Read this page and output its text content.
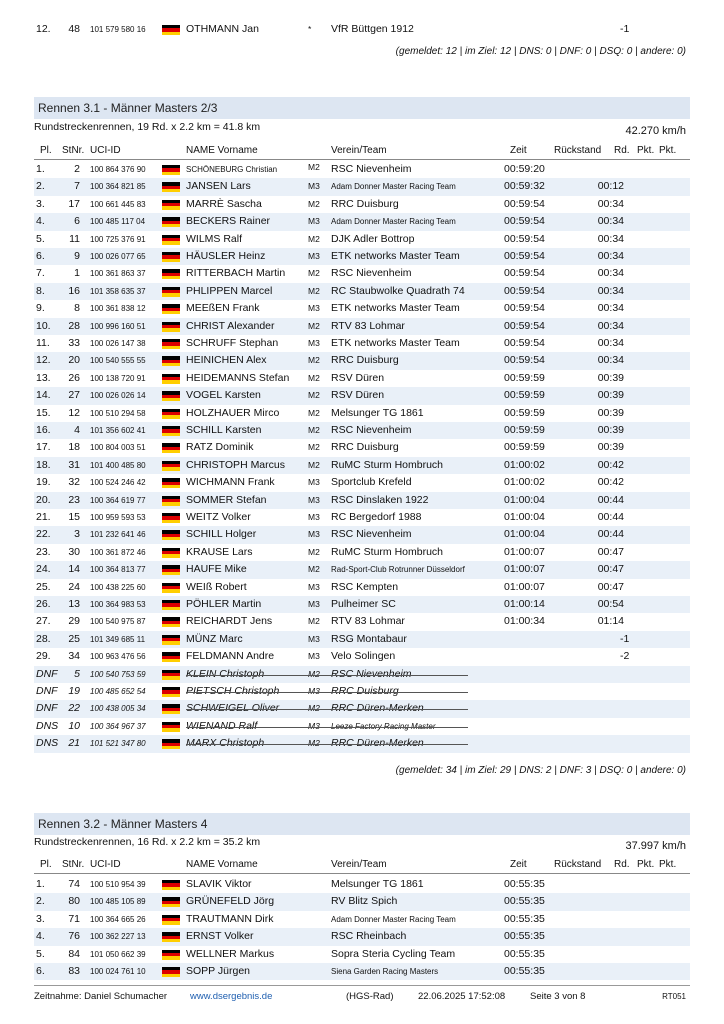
12.	48 101 579 580 16	OTHMANN Jan	* VfR Büttgen 1912	-1
(gemeldet: 12 | im Ziel: 12 | DNS: 0 | DNF: 0 | DSQ: 0 | andere: 0)
Rennen 3.1 - Männer Masters 2/3
Rundstreckenrennen, 19 Rd. x 2.2 km = 41.8 km	42.270 km/h
Pl. StNr. UCI-ID	NAME Vorname	Verein/Team	Zeit	Rückstand Rd. Pkt. Pkt.
1.	2 100 864 376 90	SCHÖNEBURG Christian	M2 RSC Nievenheim	00:59:20
2.	7 100 364 821 85	JANSEN Lars	M3 Adam Donner Master Racing Team	00:59:32	00:12
3.	17 100 661 445 83	MARRÈ Sascha	M2 RRC Duisburg	00:59:54	00:34
4.	6 100 485 117 04	BECKERS Rainer	M3 Adam Donner Master Racing Team	00:59:54	00:34
5.	11 100 725 376 91	WILMS Ralf	M2 DJK Adler Bottrop	00:59:54	00:34
6.	9 100 026 077 65	HÄUSLER Heinz	M3 ETK networks Master Team	00:59:54	00:34
7.	1 100 361 863 37	RITTERBACH Martin	M2 RSC Nievenheim	00:59:54	00:34
8.	16 101 358 635 37	PHLIPPEN Marcel	M2 RC Staubwolke Quadrath 74	00:59:54	00:34
9.	8 100 361 838 12	MEEßEN Frank	M3 ETK networks Master Team	00:59:54	00:34
10.	28 100 996 160 51	CHRIST Alexander	M2 RTV 83 Lohmar	00:59:54	00:34
11.	33 100 026 147 38	SCHRUFF Stephan	M3 ETK networks Master Team	00:59:54	00:34
12.	20 100 540 555 55	HEINICHEN Alex	M2 RRC Duisburg	00:59:54	00:34
13.	26 100 138 720 91	HEIDEMANNS Stefan M2 RSV Düren	00:59:59	00:39
14.	27 100 026 026 14	VOGEL Karsten	M2 RSV Düren	00:59:59	00:39
15.	12 100 510 294 58	HOLZHAUER Mirco	M2 Melsunger TG 1861	00:59:59	00:39
16.	4 101 356 602 41	SCHILL Karsten	M2 RSC Nievenheim	00:59:59	00:39
17.	18 100 804 003 51	RATZ Dominik	M2 RRC Duisburg	00:59:59	00:39
18.	31 101 400 485 80	CHRISTOPH Marcus	M2 RuMC Sturm Hombruch	01:00:02	00:42
19.	32 100 524 246 42	WICHMANN Frank	M3 Sportclub Krefeld	01:00:02	00:42
20.	23 100 364 619 77	SOMMER Stefan	M3 RSC Dinslaken 1922	01:00:04	00:44
21.	15 100 959 593 53	WEITZ Volker	M3 RC Bergedorf 1988	01:00:04	00:44
22.	3 101 232 641 46	SCHILL Holger	M3 RSC Nievenheim	01:00:04	00:44
23.	30 100 361 872 46	KRAUSE Lars	M2 RuMC Sturm Hombruch	01:00:07	00:47
24.	14 100 364 813 77	HAUFE Mike	M2 Rad-Sport-Club Rotrunner Düsseldorf	01:00:07	00:47
25.	24 100 438 225 60	WEIß Robert	M3 RSC Kempten	01:00:07	00:47
26.	13 100 364 983 53	PÖHLER Martin	M3 Pulheimer SC	01:00:14	00:54
27.	29 100 540 975 87	REICHARDT Jens	M2 RTV 83 Lohmar	01:00:34	01:14
28.	25 101 349 685 11	MÜNZ Marc	M3 RSG Montabaur	-1
29.	34 100 963 476 56	FELDMANN Andre	M3 Velo Solingen	-2
DNF	5 100 540 753 59	KLEIN Christoph	M2 RSC Nievenheim
DNF	19 100 485 652 54	PIETSCH Christoph	M3 RRC Duisburg
DNF	22 100 438 005 34	SCHWEIGEL Oliver	M2 RRC Düren-Merken
DNS 10 100 364 967 37	WIENAND Ralf	M3 Leeze Factory Racing Master
DNS 21 101 521 347 80	MARX Christoph	M2 RRC Düren-Merken
(gemeldet: 34 | im Ziel: 29 | DNS: 2 | DNF: 3 | DSQ: 0 | andere: 0)
Rennen 3.2 - Männer Masters 4
Rundstreckenrennen, 16 Rd. x 2.2 km = 35.2 km	37.997 km/h
Pl. StNr. UCI-ID	NAME Vorname	Verein/Team	Zeit	Rückstand Rd. Pkt. Pkt.
1.	74 100 510 954 39	SLAVIK Viktor	Melsunger TG 1861	00:55:35
2.	80 100 485 105 89	GRÜNEFELD Jörg	RV Blitz Spich	00:55:35
3.	71 100 364 665 26	TRAUTMANN Dirk	Adam Donner Master Racing Team	00:55:35
4.	76 100 362 227 13	ERNST Volker	RSC Rheinbach	00:55:35
5.	84 101 050 662 39	WELLNER Markus	Sopra Steria Cycling Team	00:55:35
6.	83 100 024 761 10	SOPP Jürgen	Siena Garden Racing Masters	00:55:35
Zeitnahme: Daniel Schumacher www.dsergebnis.de	(HGS-Rad)	22.06.2025 17:52:08	Seite 3 von 8	RT051
